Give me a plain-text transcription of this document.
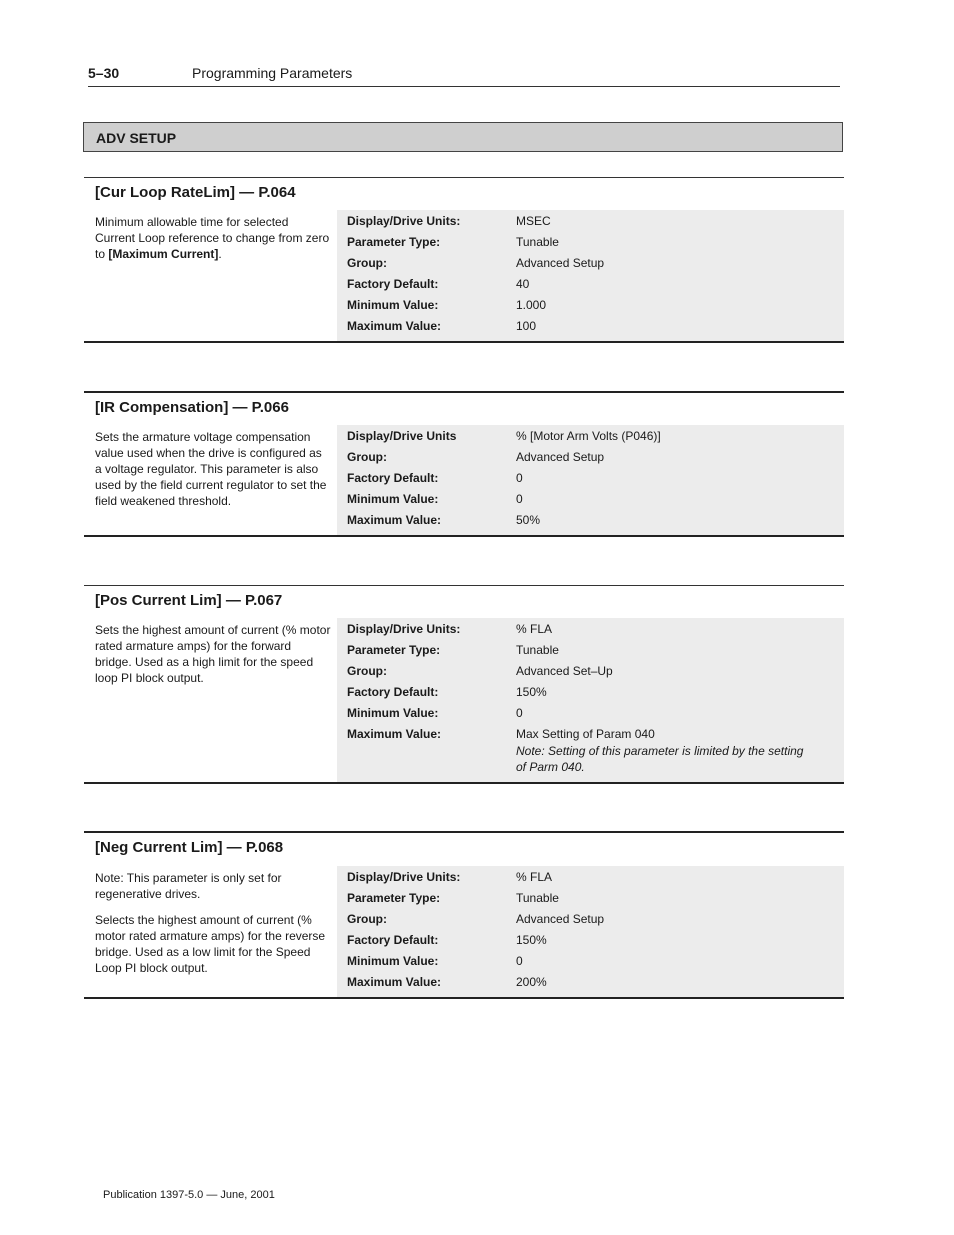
5–30	Programming Parameters
ADV SETUP
[Cur Loop RateLim] — P.064
Minimum allowable time for selected Current Loop reference to change from zero to [Maximum Current].
Display/Drive Units:	MSEC
Parameter Type:	Tunable
Group:	Advanced Setup
Factory Default:	40
Minimum Value:	1.000
Maximum Value:	100
[IR Compensation] — P.066
Sets the armature voltage compensation value used when the drive is configured as a voltage regulator. This parameter is also used by the field current regulator to set the field weakened threshold.
Display/Drive Units	% [Motor Arm Volts (P046)]
Group:	Advanced Setup
Factory Default:	0
Minimum Value:	0
Maximum Value:	50%
[Pos Current Lim] — P.067
Sets the highest amount of current (% motor rated armature amps) for the forward bridge. Used as a high limit for the speed loop PI block output.
Display/Drive Units:	% FLA
Parameter Type:	Tunable
Group:	Advanced Set–Up
Factory Default:	150%
Minimum Value:	0
Maximum Value:	Max Setting of Param 040
Note: Setting of this parameter is limited by the setting of Parm 040.
[Neg Current Lim] — P.068

Note: This parameter is only set for regenerative drives.

Selects the highest amount of current (% motor rated armature amps) for the reverse bridge. Used as a low limit for the Speed Loop PI block output.

Display/Drive Units:	% FLA
Parameter Type:	Tunable
Group:	Advanced Setup
Factory Default:	150%
Minimum Value:	0
Maximum Value:	200%
Publication 1397-5.0 — June, 2001
